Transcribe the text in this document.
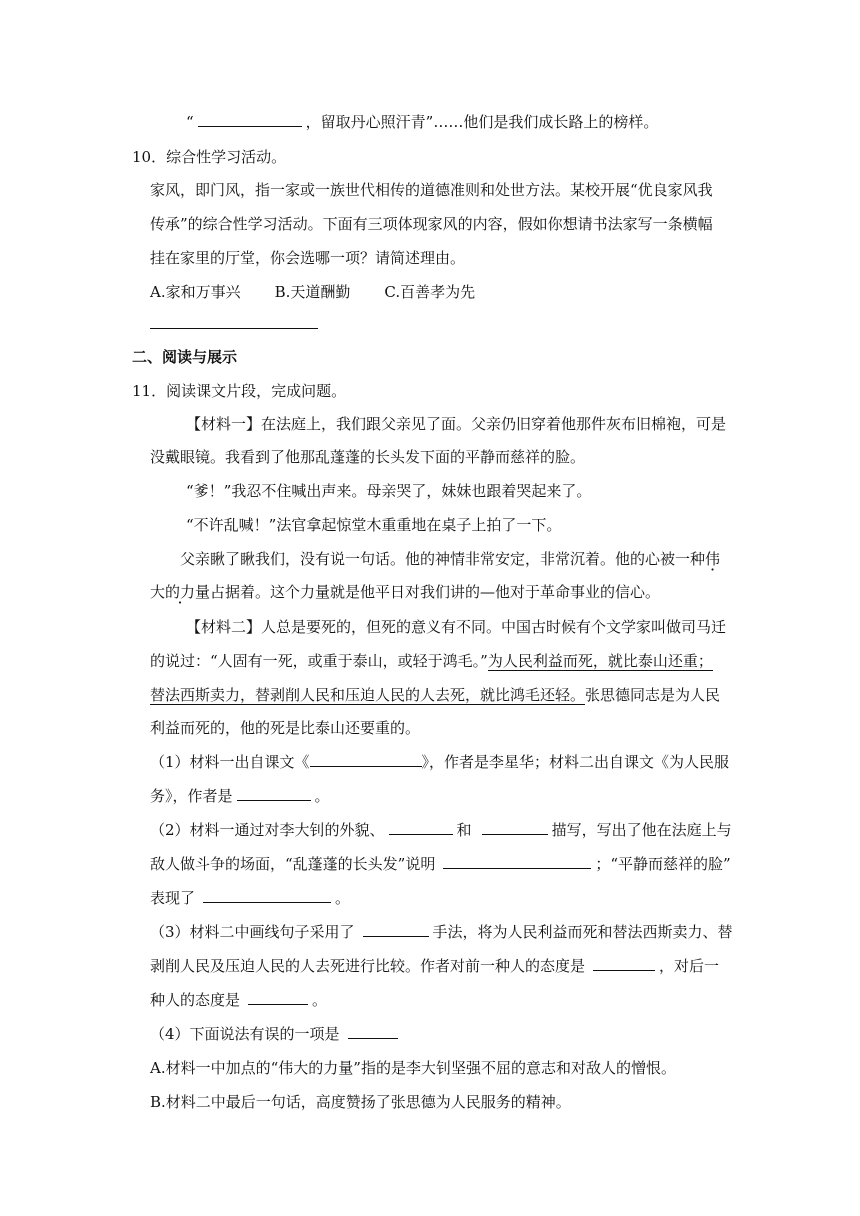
“	，留取丹心照汗青”……他们是我们成长路上的榜样。
10．综合性学习活动。
家风，即门风，指一家或一族世代相传的道德准则和处世方法。某校开展“优良家风我
传承”的综合性学习活动。下面有三项体现家风的内容，假如你想请书法家写一条横幅
挂在家里的厅堂，你会选哪一项？请简述理由。
A.家和万事兴 B.天道酬勤 C.百善孝为先
二、阅读与展示
11．阅读课文片段，完成问题。
【材料一】在法庭上，我们跟父亲见了面。父亲仍旧穿着他那件灰布旧棉袍，可是
没戴眼镜。我看到了他那乱蓬蓬的长头发下面的平静而慈祥的脸。
“爹！”我忍不住喊出声来。母亲哭了，妹妹也跟着哭起来了。
“不许乱喊！”法官拿起惊堂木重重地在桌子上拍了一下。
父亲瞅了瞅我们，没有说一句话。他的神情非常安定，非常沉着。他的心被一种伟
大的力量占据着。这个力量就是他平日对我们讲的—他对于革命事业的信心。
【材料二】人总是要死的，但死的意义有不同。中国古时候有个文学家叫做司马迁
的说过：“人固有一死，或重于泰山，或轻于鸿毛。”为人民利益而死，就比泰山还重；
替法西斯卖力，替剥削人民和压迫人民的人去死，就比鸿毛还轻。张思德同志是为人民
利益而死的，他的死是比泰山还要重的。
（1）材料一出自课文《	》，作者是李星华；材料二出自课文《为人民服
务》，作者是	。
（2）材料一通过对李大钊的外貌、	和	描写，写出了他在法庭上与
敌人做斗争的场面，“乱蓬蓬的长头发”说明	；“平静而慈祥的脸”
表现了	。
（3）材料二中画线句子采用了	手法，将为人民利益而死和替法西斯卖力、替
剥削人民及压迫人民的人去死进行比较。作者对前一种人的态度是	，对后一
种人的态度是	。
（4）下面说法有误的一项是
A.材料一中加点的“伟大的力量”指的是李大钊坚强不屈的意志和对敌人的憎恨。
B.材料二中最后一句话，高度赞扬了张思德为人民服务的精神。
